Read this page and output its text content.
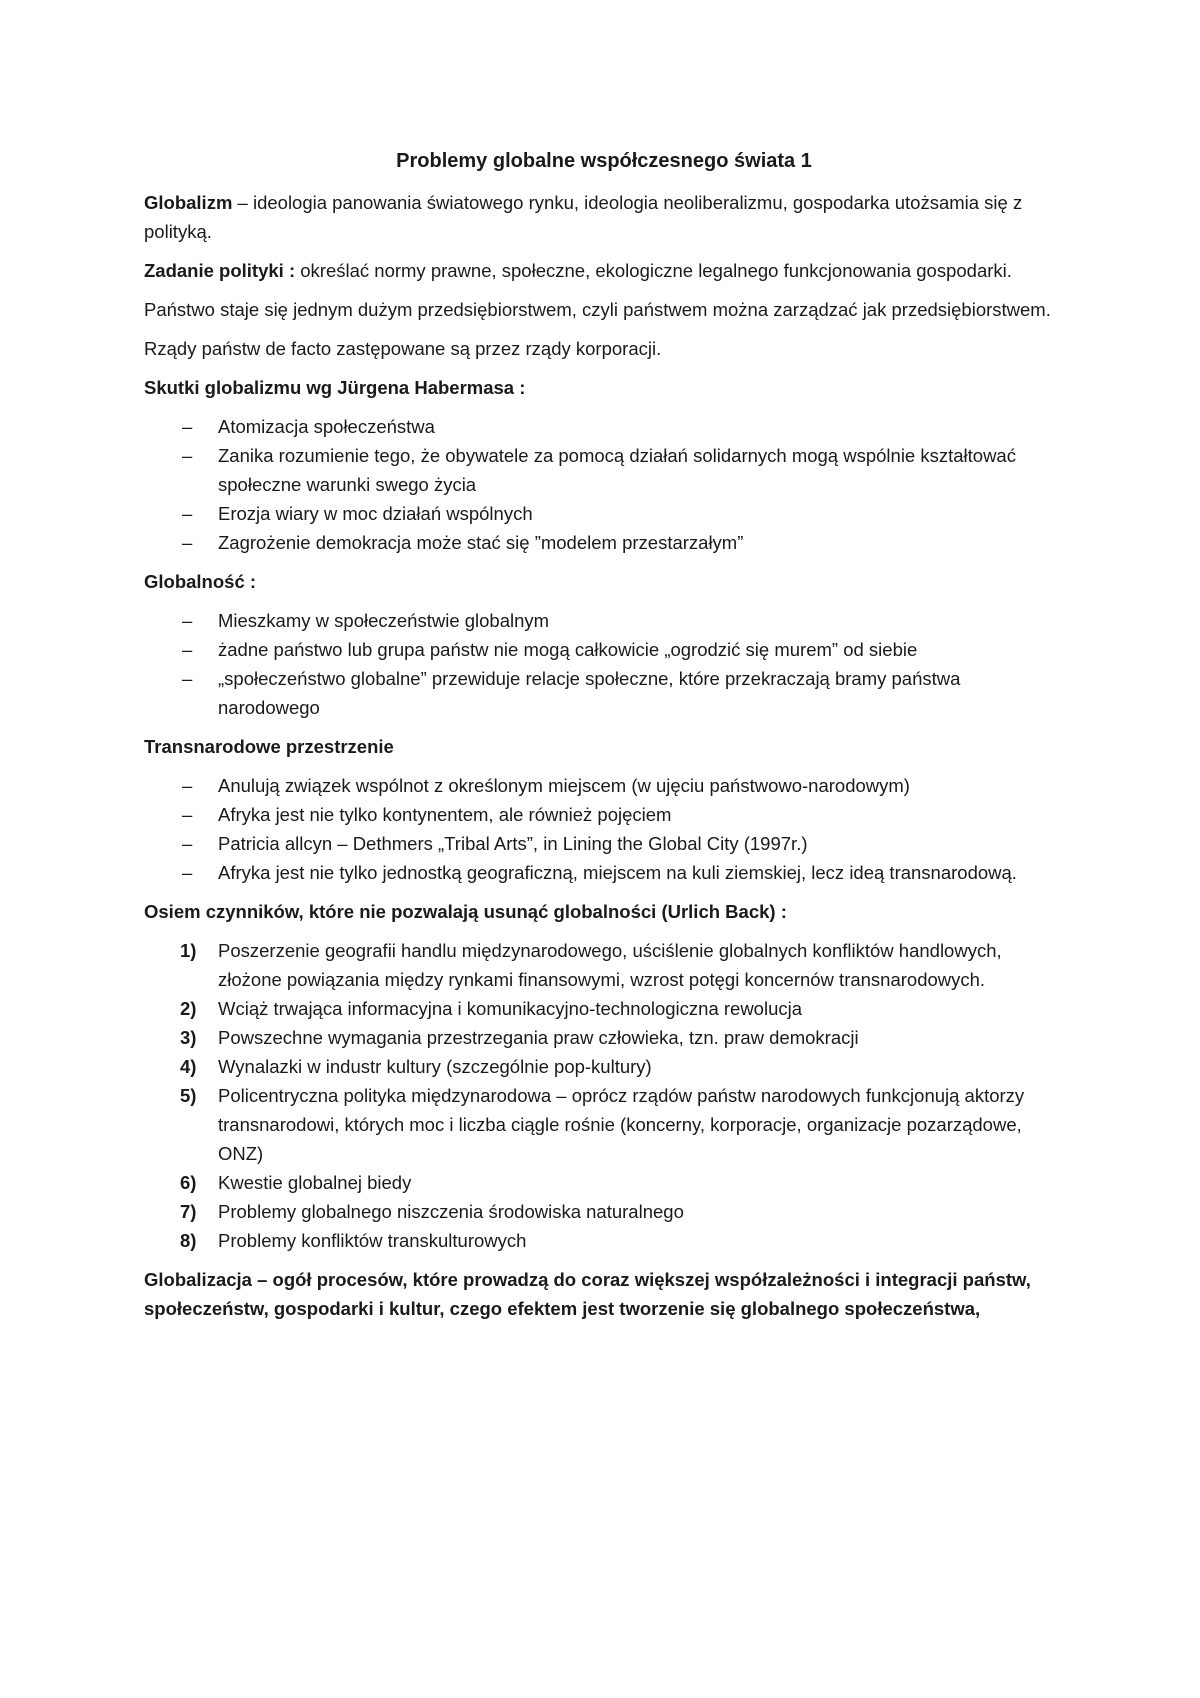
Problemy globalne współczesnego świata 1

Globalizm – ideologia panowania światowego rynku, ideologia neoliberalizmu, gospodarka utożsamia się z polityką.

Zadanie polityki : określać normy prawne, społeczne, ekologiczne legalnego funkcjonowania gospodarki.

Państwo staje się jednym dużym przedsiębiorstwem, czyli państwem można zarządzać jak przedsiębiorstwem.

Rządy państw de facto zastępowane są przez rządy korporacji.

Skutki globalizmu wg Jürgena Habermasa :
– Atomizacja społeczeństwa
– Zanika rozumienie tego, że obywatele za pomocą działań solidarnych mogą wspólnie kształtować społeczne warunki swego życia
– Erozja wiary w moc działań wspólnych
– Zagrożenie demokracja może stać się ”modelem przestarzałym”
Globalność :
– Mieszkamy w społeczeństwie globalnym
– żadne państwo lub grupa państw nie mogą całkowicie „ogrodzić się murem” od siebie
– „społeczeństwo globalne” przewiduje relacje społeczne, które przekraczają bramy państwa narodowego
Transnarodowe przestrzenie
– Anulują związek wspólnot z określonym miejscem (w ujęciu państwowo-narodowym)
– Afryka jest nie tylko kontynentem, ale również pojęciem
– Patricia allcyn – Dethmers „Tribal Arts”, in Lining the Global City (1997r.)
– Afryka jest nie tylko jednostką geograficzną, miejscem na kuli ziemskiej, lecz ideą transnarodową.
Osiem czynników, które nie pozwalają usunąć globalności (Urlich Back) :
1) Poszerzenie geografii handlu międzynarodowego, uściślenie globalnych konfliktów handlowych, złożone powiązania między rynkami finansowymi, wzrost potęgi koncernów transnarodowych.
2) Wciąż trwająca informacyjna i komunikacyjno-technologiczna rewolucja
3) Powszechne wymagania przestrzegania praw człowieka, tzn. praw demokracji
4) Wynalazki w industr kultury (szczególnie pop-kultury)
5) Policentryczna polityka międzynarodowa – oprócz rządów państw narodowych funkcjonują aktorzy transnarodowi, których moc i liczba ciągle rośnie (koncerny, korporacje, organizacje pozarządowe, ONZ)
6) Kwestie globalnej biedy
7) Problemy globalnego niszczenia środowiska naturalnego
8) Problemy konfliktów transkulturowych

Globalizacja – ogół procesów, które prowadzą do coraz większej współzależności i integracji państw, społeczeństw, gospodarki i kultur, czego efektem jest tworzenie się globalnego społeczeństwa,
